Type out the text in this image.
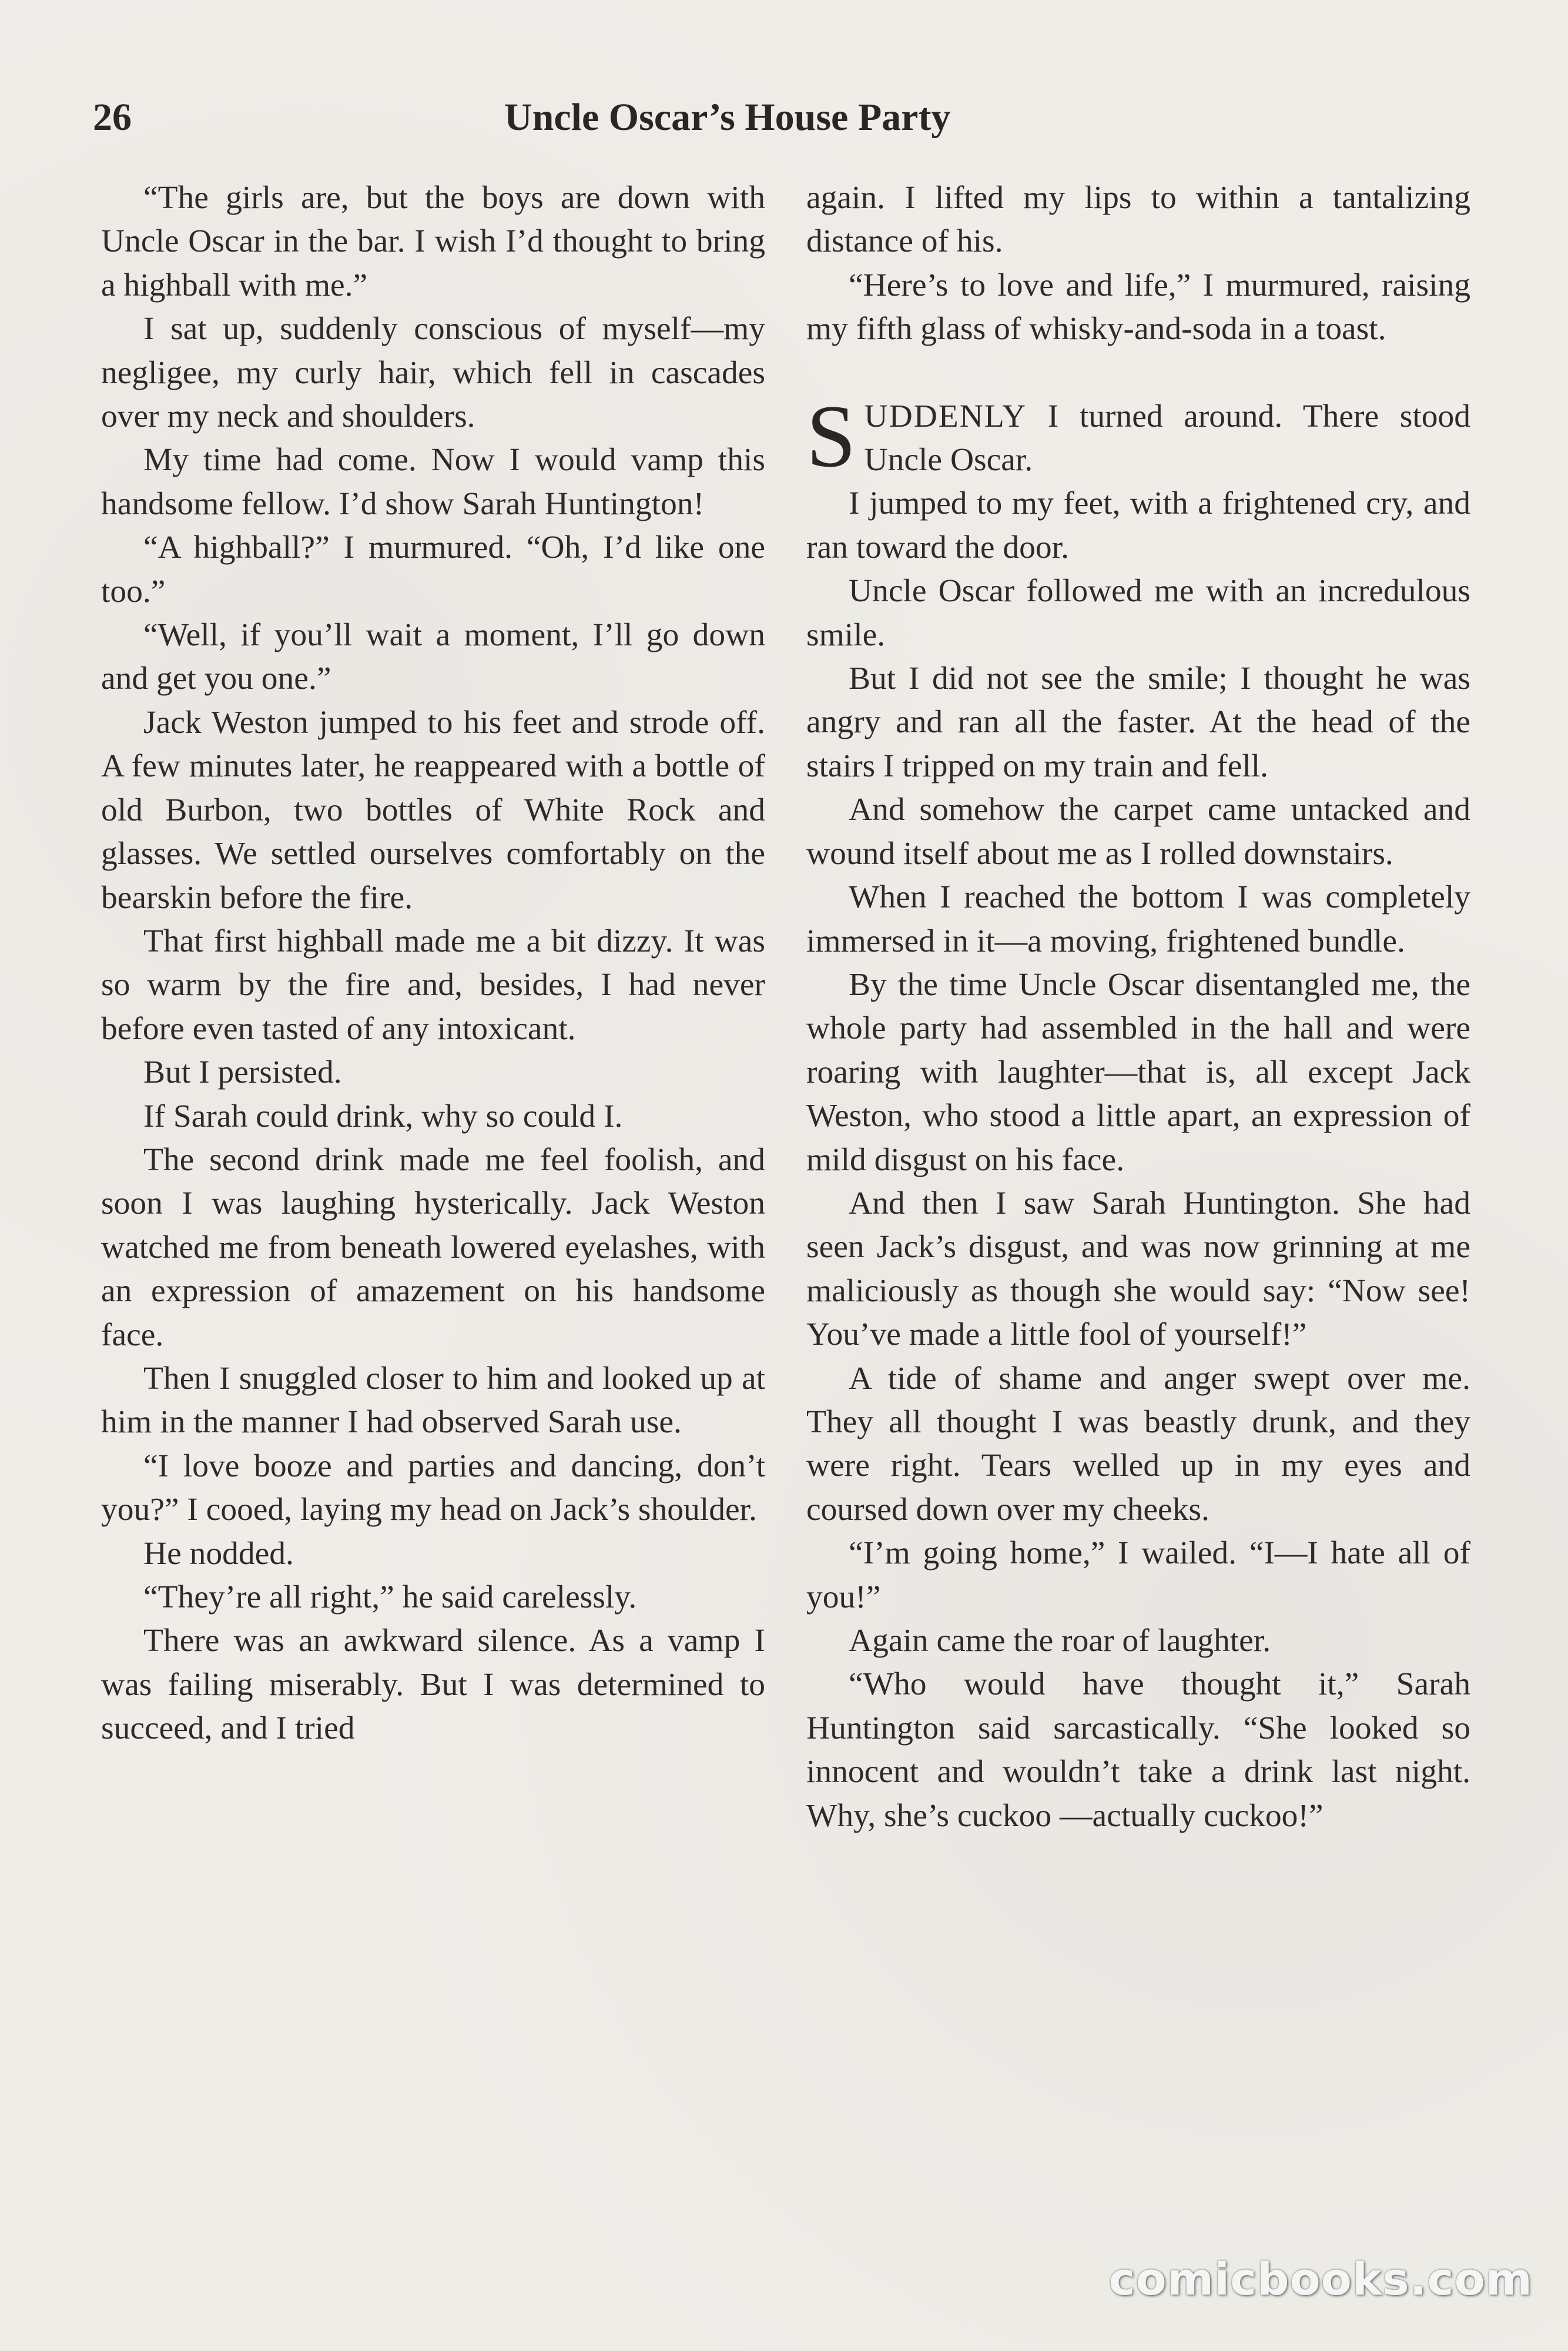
26	Uncle Oscar’s House Party

“The girls are, but the boys are down with Uncle Oscar in the bar. I wish I’d thought to bring a highball with me.”

I sat up, suddenly conscious of myself—my negligee, my curly hair, which fell in cascades over my neck and shoulders.

My time had come. Now I would vamp this handsome fellow. I’d show Sarah Huntington!

“A highball?” I murmured. “Oh, I’d like one too.”

“Well, if you’ll wait a moment, I’ll go down and get you one.”

Jack Weston jumped to his feet and strode off. A few minutes later, he reappeared with a bottle of old Burbon, two bottles of White Rock and glasses. We settled ourselves comfortably on the bearskin before the fire.

That first highball made me a bit dizzy. It was so warm by the fire and, besides, I had never before even tasted of any intoxicant.

But I persisted.

If Sarah could drink, why so could I.

The second drink made me feel foolish, and soon I was laughing hysterically. Jack Weston watched me from beneath lowered eyelashes, with an expression of amazement on his handsome face.

Then I snuggled closer to him and looked up at him in the manner I had observed Sarah use.

“I love booze and parties and dancing, don’t you?” I cooed, laying my head on Jack’s shoulder.

He nodded.

“They’re all right,” he said carelessly.

There was an awkward silence. As a vamp I was failing miserably. But I was determined to succeed, and I tried

again. I lifted my lips to within a tantalizing distance of his.

“Here’s to love and life,” I murmured, raising my fifth glass of whisky-and-soda in a toast.

SUDDENLY I turned around. There stood Uncle Oscar.

I jumped to my feet, with a frightened cry, and ran toward the door.

Uncle Oscar followed me with an incredulous smile.

But I did not see the smile; I thought he was angry and ran all the faster. At the head of the stairs I tripped on my train and fell.

And somehow the carpet came untacked and wound itself about me as I rolled downstairs.

When I reached the bottom I was completely immersed in it—a moving, frightened bundle.

By the time Uncle Oscar disentangled me, the whole party had assembled in the hall and were roaring with laughter—that is, all except Jack Weston, who stood a little apart, an expression of mild disgust on his face.

And then I saw Sarah Huntington. She had seen Jack’s disgust, and was now grinning at me maliciously as though she would say: “Now see! You’ve made a little fool of yourself!”

A tide of shame and anger swept over me. They all thought I was beastly drunk, and they were right. Tears welled up in my eyes and coursed down over my cheeks.

“I’m going home,” I wailed. “I—I hate all of you!”

Again came the roar of laughter.

“Who would have thought it,” Sarah Huntington said sarcastically. “She looked so innocent and wouldn’t take a drink last night. Why, she’s cuckoo —actually cuckoo!”

comicbooks.com
